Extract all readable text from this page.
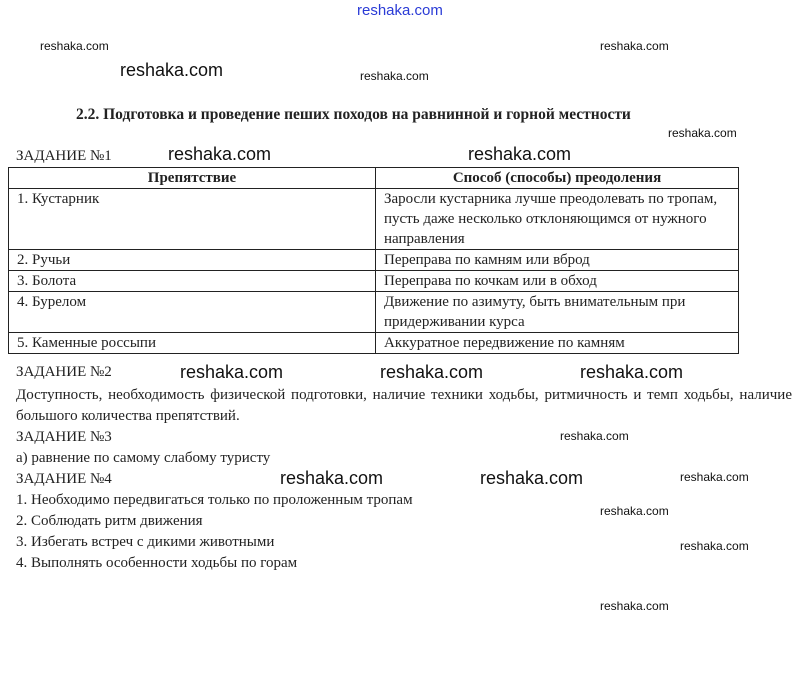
reshaka.com
2.2. Подготовка и проведение пеших походов на равнинной и горной местности
ЗАДАНИЕ №1
Препятствие	Способ (способы) преодоления
1. Кустарник	Заросли кустарника лучше преодолевать по тропам, пусть даже несколько отклоняющимся от нужного направления
2. Ручьи	Переправа по камням или вброд
3. Болота	Переправа по кочкам или в обход
4. Бурелом	Движение по азимуту, быть внимательным при придерживании курса
5. Каменные россыпи	Аккуратное передвижение по камням
ЗАДАНИЕ №2
Доступность, необходимость физической подготовки, наличие техники ходьбы, ритмичность и темп ходьбы, наличие большого количества препятствий.
ЗАДАНИЕ №3
а) равнение по самому слабому туристу
ЗАДАНИЕ №4
1. Необходимо передвигаться только по проложенным тропам
2. Соблюдать ритм движения
3. Избегать встреч с дикими животными
4. Выполнять особенности ходьбы по горам
reshaka.com
reshaka.com	reshaka.com
reshaka.com
reshaka.com
reshaka.com
reshaka.com
reshaka.com	reshaka.com	reshaka.com
reshaka.com
reshaka.com
reshaka.com	reshaka.com	reshaka.com
reshaka.com
reshaka.com
